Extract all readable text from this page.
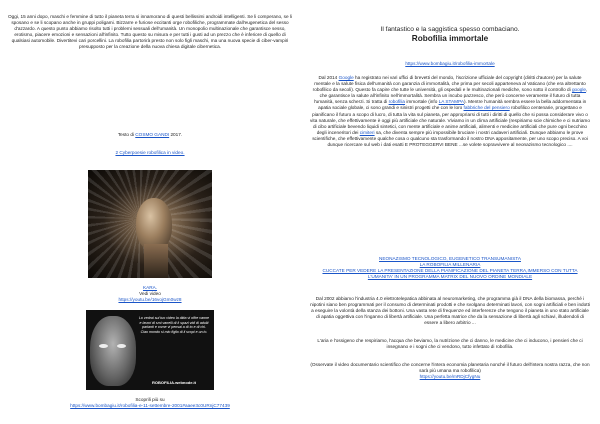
Oggi, 15 anni dopo, maschi e femmine di tutto il pianeta terra si innamorano di questi bellissimi androidi intelligenti. Se li comperano, se li sposano e se li scopano anche in gruppi poligami. Bizzarre e furiose eccitanti orge robofiliche, programmate dall'eugenetica del sesso d'azzardo. A questo punto abbiamo risolto tutti i problemi sessuali dell'umanità. Un monopolio multinazionale che garantisce sesso, erotismo, piacere emozioni e sensazioni all'infinito. Tutto questo su misura e per tutti i gusti ad un prezzo che è inferiore di quello di qualsiasi automobile. Divertitevi cari porcellini. La robofilia partorirà presto non solo figli maschi, ma una nuova specie di ciber-vampiri presupposto per la creazione della nuova chiesa digitale cibernetica.

Testo di COSMO GANDI 2017.

2 Cyberpoesie robofilica in video.

KARA.
Vedi video
https://youtu.be/16vojGm0wz8
Lo vedrai sul tuo video la ditta vi offre vanne e lavori di smi vanelli di lì spazi vidi di adulti parlanti e come vi pensai a di to e di chi. Ciao mondo si mio figlio di li scopi e un io.
ROBOFILIA.webnode.it
Scoprili più su
https://www.bombagiu.it/robofilia-e-11-settembre-2001#aaee3c0URnjC77439

Il fantastico e la saggistica spesso combaciano.

Robofilia immortale

https://www.bombagiu.it/robofilia-immortale

Dal 2014 Google ha registrato nei vari uffici di brevetti del mondo, l'iscrizione ufficiale del copyright (diritti d'autore) per la salute mentale e la salute fisica dell'umanità con garanzia di immortalità, che prima per secoli apparteneva al Vaticano (che era altrettanto robofilico da secoli). Questo fa capire che tutte le università, gli ospedali e le multinazionali mediche, sono sotto il controllo di google, che garantisce la salute all'infinito nell'immortalità. Sembra un incubo pazzesco, che però concerne veramente il futuro di tutta l'umanità, senza scherzi. Si tratta di robofilia immortale (info LA STAMPA). Mentre l'umanità sembra essere la bella addormentata in apatia sociale globale, ci sono grandi e sinistri progetti che con le loro fabbriche del pensiero robofilico centenarie, progettano e pianificano il futuro a scopo di lucro, di tutta la vita sul pianeta, per appropriarsi di tutti i diritti di quello che si possa considerare vivo o vita naturale, che effettivamente è oggi più artificiale che naturale. Viviamo in un clima artificiale (respiriamo scie chimiche e ci nutriamo di cibo artificiale bevendo liquidi sintetici, con mente artificiale e anime artificiali, alimenti e medicine artificiali che pure ogni becchino degli inceneritori dei cimiteri sa, che diventa sempre più impossibile bruciare i nostri cadaveri artificiali. Dunque abbiamo le prove scientifiche, che effettivamente qualche cosa o qualcuno sta trasformando il nostro DNA appositamente, per uno scopo preciso. A voi dunque ricercare sul web i dati esatti E PROTEGGERVI BENE ...se volete sopravvivere al neonazismo tecnologico ....

NEONAZISMO TECNOLOGICO, EUGENETICO TRANSUMANISTA
LA ROBOFILIA MILLENARIA
CUCCATE PER VEDERE LA PRESENTAZIONE DELLA PIANIFICAZIONE DEL PIANETA TERRA,IMMERSO CON TUTTA L'UMANITA' IN UN PROGRAMMA MATRIX DEL NUOVO ORDINE MONDIALE

Dal 2002 abbiamo l'industria 4.0 elettrotelepatica abbinata al neuromarketing, che programma già il DNA della biomassa, perché i nipotini siano ben programmati per il consumo di determinati prodotti e che svolgano determinati lavori, con sogni artificiali e ben indotti a eseguire la volontà della stanza dei bottoni. Una vasta rete di frequenze ed interferenze che tengono il pianeta in uno stato artificiale di apatia oggettiva con l'inganno di libertà artificiale. Una perfetta matrice che da la sensazione di libertà agli schiavi, illudendoli di essere a libero arbitrio ...

L'aria e l'ossigeno che respiriamo, l'acqua che beviamo, la nutrizione che ci danno, le medicine che ci inducono, i pensieri che ci insegnano e i sogni che ci vendono, tutto infettato di robofilia.

(Osservate il video documentario scientifico che concerne l'intera economia planetaria nonché il futuro dell'intera nostra razza, che non sarà più umana ma robofilica)
https://youtu.be/mRDjCfygNu
